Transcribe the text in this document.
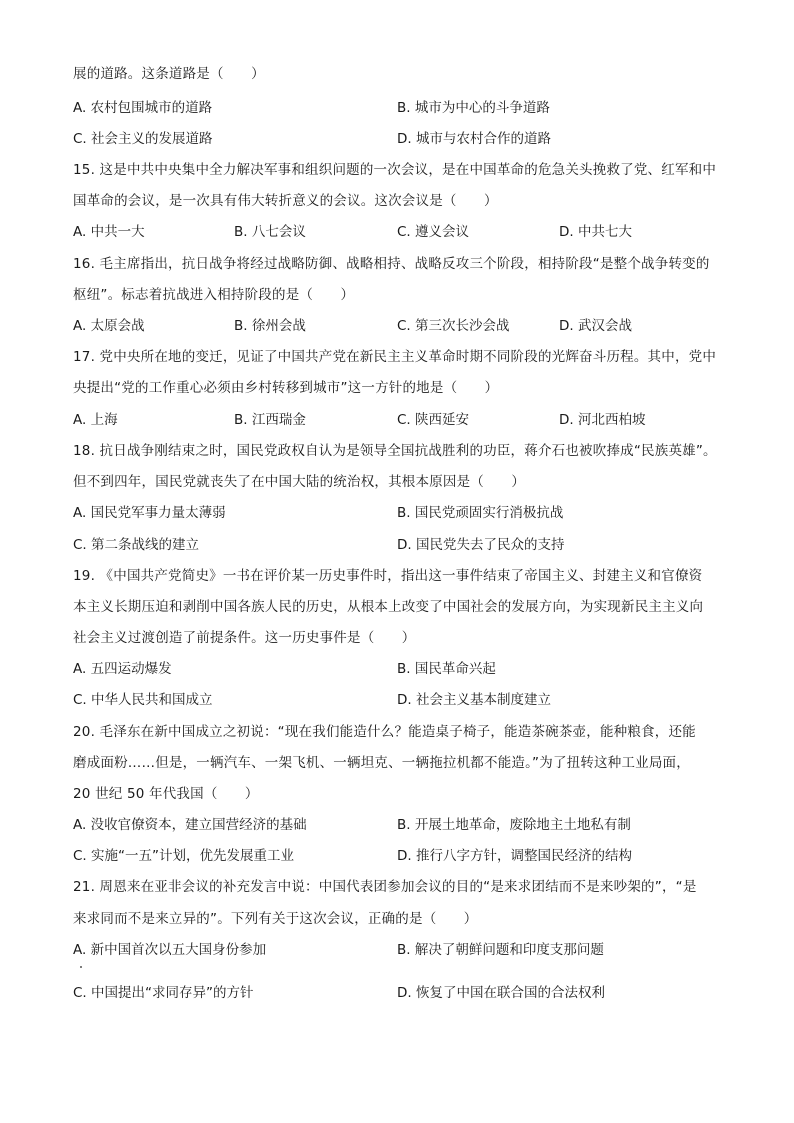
展的道路。这条道路是（　　）
A. 农村包围城市的道路	B. 城市为中心的斗争道路
C. 社会主义的发展道路	D. 城市与农村合作的道路
15. 这是中共中央集中全力解决军事和组织问题的一次会议，是在中国革命的危急关头挽救了党、红军和中
国革命的会议，是一次具有伟大转折意义的会议。这次会议是（　　）
A. 中共一大	B. 八七会议	C. 遵义会议	D. 中共七大
16. 毛主席指出，抗日战争将经过战略防御、战略相持、战略反攻三个阶段，相持阶段“是整个战争转变的
枢纽”。标志着抗战进入相持阶段的是（　　）
A. 太原会战	B. 徐州会战	C. 第三次长沙会战	D. 武汉会战
17. 党中央所在地的变迁，见证了中国共产党在新民主主义革命时期不同阶段的光辉奋斗历程。其中，党中
央提出“党的工作重心必须由乡村转移到城市”这一方针的地是（　　）
A. 上海	B. 江西瑞金	C. 陕西延安	D. 河北西柏坡
18. 抗日战争刚结束之时，国民党政权自认为是领导全国抗战胜利的功臣，蒋介石也被吹捧成“民族英雄”。
但不到四年，国民党就丧失了在中国大陆的统治权，其根本原因是（　　）
A. 国民党军事力量太薄弱	B. 国民党顽固实行消极抗战
C. 第二条战线的建立	D. 国民党失去了民众的支持
19. 《中国共产党简史》一书在评价某一历史事件时，指出这一事件结束了帝国主义、封建主义和官僚资
本主义长期压迫和剥削中国各族人民的历史，从根本上改变了中国社会的发展方向，为实现新民主主义向
社会主义过渡创造了前提条件。这一历史事件是（　　）
A. 五四运动爆发	B. 国民革命兴起
C. 中华人民共和国成立	D. 社会主义基本制度建立
20. 毛泽东在新中国成立之初说：“现在我们能造什么？能造桌子椅子，能造茶碗茶壶，能种粮食，还能
磨成面粉……但是，一辆汽车、一架飞机、一辆坦克、一辆拖拉机都不能造。”为了扭转这种工业局面，
20 世纪 50 年代我国（　　）
A. 没收官僚资本，建立国营经济的基础	B. 开展土地革命，废除地主土地私有制
C. 实施“一五”计划，优先发展重工业	D. 推行八字方针，调整国民经济的结构
21. 周恩来在亚非会议的补充发言中说：中国代表团参加会议的目的“是来求团结而不是来吵架的”，“是
来求同而不是来立异的”。下列有关于这次会议，正确的是（　　）
A. 新中国首次以五大国身份参加	B. 解决了朝鲜问题和印度支那问题
C. 中国提出“求同存异”的方针	D. 恢复了中国在联合国的合法权利
